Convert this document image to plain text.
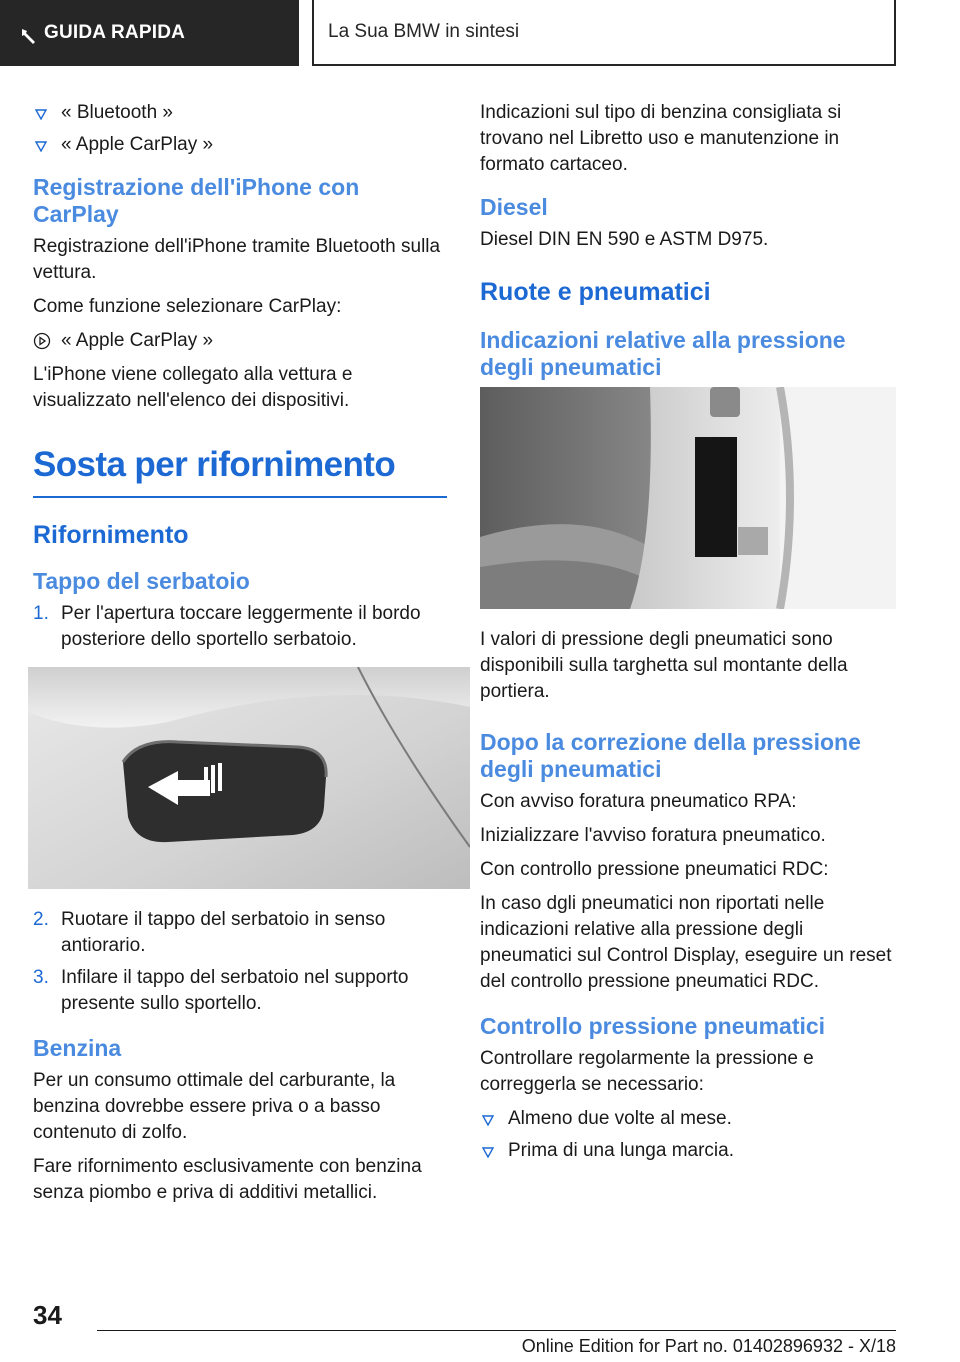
GUIDA RAPIDA	La Sua BMW in sintesi
« Bluetooth »
« Apple CarPlay »
Registrazione dell'iPhone con CarPlay

Registrazione dell'iPhone tramite Bluetooth sulla vettura.

Come funzione selezionare CarPlay:

« Apple CarPlay »

L'iPhone viene collegato alla vettura e visualizzato nell'elenco dei dispositivi.

Sosta per rifornimento
Rifornimento
Tappo del serbatoio
1. Per l'apertura toccare leggermente il bordo posteriore dello sportello serbatoio.
2. Ruotare il tappo del serbatoio in senso antiorario.
3. Infilare il tappo del serbatoio nel supporto presente sullo sportello.
Benzina

Per un consumo ottimale del carburante, la benzina dovrebbe essere priva o a basso contenuto di zolfo.

Fare rifornimento esclusivamente con benzina senza piombo e priva di additivi metallici.

Indicazioni sul tipo di benzina consigliata si trovano nel Libretto uso e manutenzione in formato cartaceo.

Diesel

Diesel DIN EN 590 e ASTM D975.

Ruote e pneumatici
Indicazioni relative alla pressione degli pneumatici

I valori di pressione degli pneumatici sono disponibili sulla targhetta sul montante della portiera.

Dopo la correzione della pressione degli pneumatici

Con avviso foratura pneumatico RPA:

Inizializzare l'avviso foratura pneumatico.

Con controllo pressione pneumatici RDC:

In caso dgli pneumatici non riportati nelle indicazioni relative alla pressione degli pneumatici sul Control Display, eseguire un reset del controllo pressione pneumatici RDC.

Controllo pressione pneumatici

Controllare regolarmente la pressione e correggerla se necessario:

Almeno due volte al mese.
Prima di una lunga marcia.
34
Online Edition for Part no. 01402896932 - X/18
